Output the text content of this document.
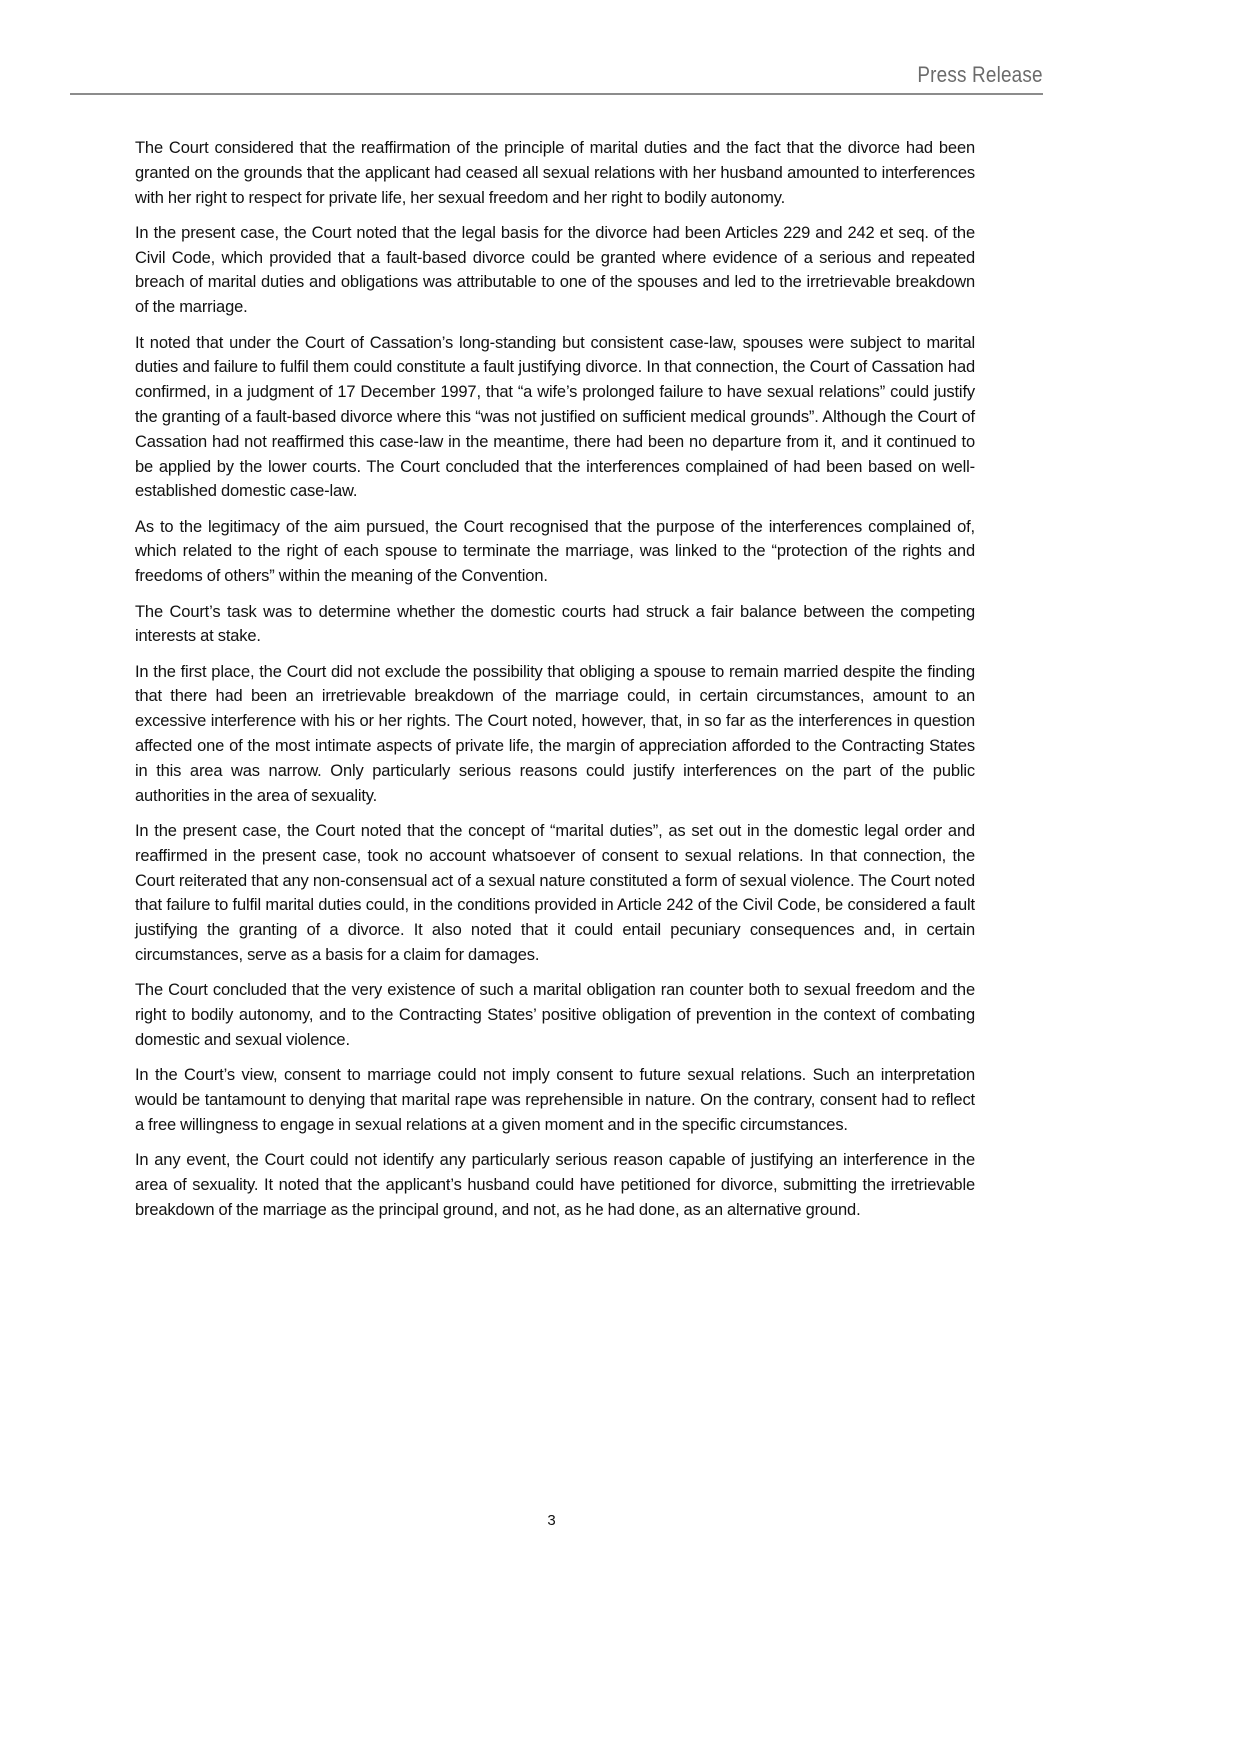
Press Release

The Court considered that the reaffirmation of the principle of marital duties and the fact that the divorce had been granted on the grounds that the applicant had ceased all sexual relations with her husband amounted to interferences with her right to respect for private life, her sexual freedom and her right to bodily autonomy.

In the present case, the Court noted that the legal basis for the divorce had been Articles 229 and 242 et seq. of the Civil Code, which provided that a fault-based divorce could be granted where evidence of a serious and repeated breach of marital duties and obligations was attributable to one of the spouses and led to the irretrievable breakdown of the marriage.

It noted that under the Court of Cassation’s long-standing but consistent case-law, spouses were subject to marital duties and failure to fulfil them could constitute a fault justifying divorce. In that connection, the Court of Cassation had confirmed, in a judgment of 17 December 1997, that “a wife’s prolonged failure to have sexual relations” could justify the granting of a fault-based divorce where this “was not justified on sufficient medical grounds”. Although the Court of Cassation had not reaffirmed this case-law in the meantime, there had been no departure from it, and it continued to be applied by the lower courts. The Court concluded that the interferences complained of had been based on well-established domestic case-law.

As to the legitimacy of the aim pursued, the Court recognised that the purpose of the interferences complained of, which related to the right of each spouse to terminate the marriage, was linked to the “protection of the rights and freedoms of others” within the meaning of the Convention.

The Court’s task was to determine whether the domestic courts had struck a fair balance between the competing interests at stake.

In the first place, the Court did not exclude the possibility that obliging a spouse to remain married despite the finding that there had been an irretrievable breakdown of the marriage could, in certain circumstances, amount to an excessive interference with his or her rights. The Court noted, however, that, in so far as the interferences in question affected one of the most intimate aspects of private life, the margin of appreciation afforded to the Contracting States in this area was narrow. Only particularly serious reasons could justify interferences on the part of the public authorities in the area of sexuality.

In the present case, the Court noted that the concept of “marital duties”, as set out in the domestic legal order and reaffirmed in the present case, took no account whatsoever of consent to sexual relations. In that connection, the Court reiterated that any non-consensual act of a sexual nature constituted a form of sexual violence. The Court noted that failure to fulfil marital duties could, in the conditions provided in Article 242 of the Civil Code, be considered a fault justifying the granting of a divorce. It also noted that it could entail pecuniary consequences and, in certain circumstances, serve as a basis for a claim for damages.

The Court concluded that the very existence of such a marital obligation ran counter both to sexual freedom and the right to bodily autonomy, and to the Contracting States’ positive obligation of prevention in the context of combating domestic and sexual violence.

In the Court’s view, consent to marriage could not imply consent to future sexual relations. Such an interpretation would be tantamount to denying that marital rape was reprehensible in nature. On the contrary, consent had to reflect a free willingness to engage in sexual relations at a given moment and in the specific circumstances.

In any event, the Court could not identify any particularly serious reason capable of justifying an interference in the area of sexuality. It noted that the applicant’s husband could have petitioned for divorce, submitting the irretrievable breakdown of the marriage as the principal ground, and not, as he had done, as an alternative ground.

3
